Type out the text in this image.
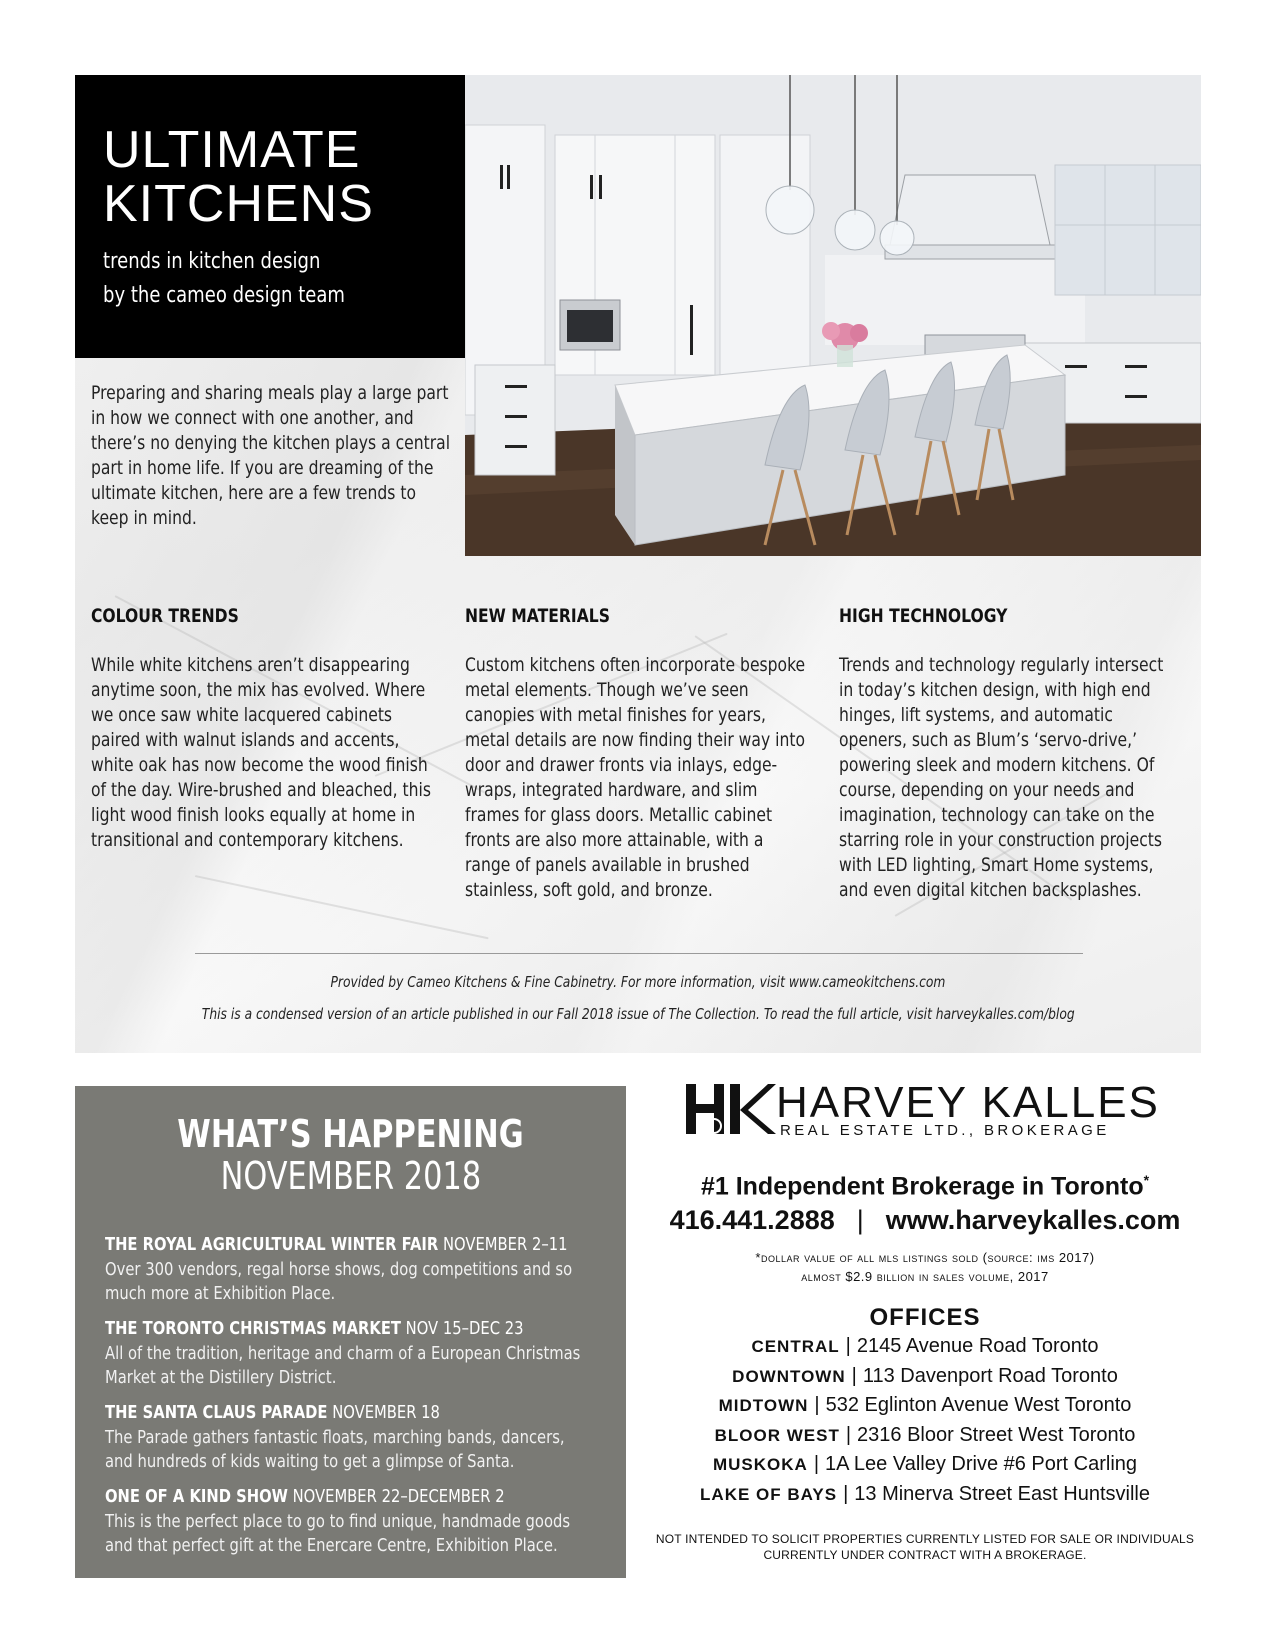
ULTIMATE
KITCHENS
trends in kitchen design
by the cameo design team

Preparing and sharing meals play a large part in how we connect with one another, and there’s no denying the kitchen plays a central part in home life. If you are dreaming of the ultimate kitchen, here are a few trends to keep in mind.

COLOUR TRENDS

While white kitchens aren’t disappearing anytime soon, the mix has evolved. Where we once saw white lacquered cabinets paired with walnut islands and accents, white oak has now become the wood finish of the day. Wire-brushed and bleached, this light wood finish looks equally at home in transitional and contemporary kitchens.

NEW MATERIALS

Custom kitchens often incorporate bespoke metal elements. Though we’ve seen canopies with metal finishes for years, metal details are now finding their way into door and drawer fronts via inlays, edge-wraps, integrated hardware, and slim frames for glass doors. Metallic cabinet fronts are also more attainable, with a range of panels available in brushed stainless, soft gold, and bronze.

HIGH TECHNOLOGY

Trends and technology regularly intersect in today’s kitchen design, with high end hinges, lift systems, and automatic openers, such as Blum’s ‘servo-drive,’ powering sleek and modern kitchens. Of course, depending on your needs and imagination, technology can take on the starring role in your construction projects with LED lighting, Smart Home systems, and even digital kitchen backsplashes.

Provided by Cameo Kitchens & Fine Cabinetry. For more information, visit www.cameokitchens.com
This is a condensed version of an article published in our Fall 2018 issue of The Collection. To read the full article, visit harveykalles.com/blog
WHAT’S HAPPENING
NOVEMBER 2018
THE ROYAL AGRICULTURAL WINTER FAIR NOVEMBER 2–11
Over 300 vendors, regal horse shows, dog competitions and so much more at Exhibition Place.
THE TORONTO CHRISTMAS MARKET NOV 15–DEC 23
All of the tradition, heritage and charm of a European Christmas Market at the Distillery District.
THE SANTA CLAUS PARADE NOVEMBER 18
The Parade gathers fantastic floats, marching bands, dancers, and hundreds of kids waiting to get a glimpse of Santa.
ONE OF A KIND SHOW NOVEMBER 22–DECEMBER 2
This is the perfect place to go to find unique, handmade goods and that perfect gift at the Enercare Centre, Exhibition Place.
HARVEY KALLES
REAL ESTATE LTD., BROKERAGE
#1 Independent Brokerage in Toronto*
416.441.2888 | www.harveykalles.com
*dollar value of all mls listings sold (source: ims 2017)
almost $2.9 billion in sales volume, 2017
OFFICES
CENTRAL | 2145 Avenue Road Toronto
DOWNTOWN | 113 Davenport Road Toronto
MIDTOWN | 532 Eglinton Avenue West Toronto
BLOOR WEST | 2316 Bloor Street West Toronto
MUSKOKA | 1A Lee Valley Drive #6 Port Carling
LAKE OF BAYS | 13 Minerva Street East Huntsville
NOT INTENDED TO SOLICIT PROPERTIES CURRENTLY LISTED FOR SALE OR INDIVIDUALS
CURRENTLY UNDER CONTRACT WITH A BROKERAGE.
